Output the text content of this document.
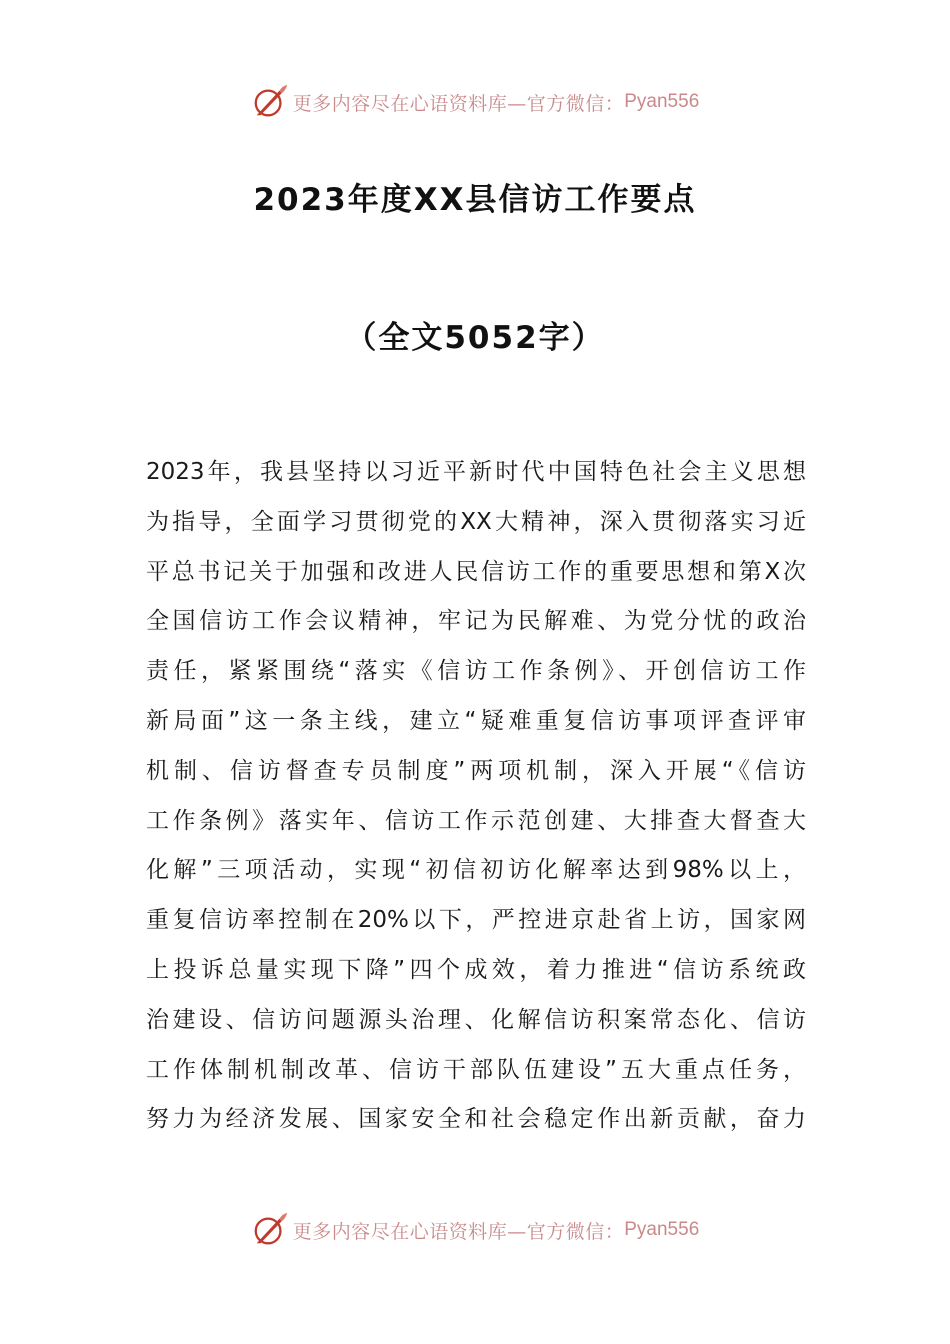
更多内容尽在心语资料库—官方微信： Pyan556
2023年度XX县信访工作要点
（全文5052字）
2023年，我县坚持以习近平新时代中国特色社会主义思想
为指导，全面学习贯彻党的XX大精神，深入贯彻落实习近
平总书记关于加强和改进人民信访工作的重要思想和第X次
全国信访工作会议精神，牢记为民解难、为党分忧的政治
责任，紧紧围绕“落实《信访工作条例》、开创信访工作
新局面”这一条主线，建立“疑难重复信访事项评查评审
机制、信访督查专员制度”两项机制，深入开展“《信访
工作条例》落实年、信访工作示范创建、大排查大督查大
化解”三项活动，实现“初信初访化解率达到98%以上，
重复信访率控制在20%以下，严控进京赴省上访，国家网
上投诉总量实现下降”四个成效，着力推进“信访系统政
治建设、信访问题源头治理、化解信访积案常态化、信访
工作体制机制改革、信访干部队伍建设”五大重点任务，
努力为经济发展、国家安全和社会稳定作出新贡献，奋力
更多内容尽在心语资料库—官方微信： Pyan556
